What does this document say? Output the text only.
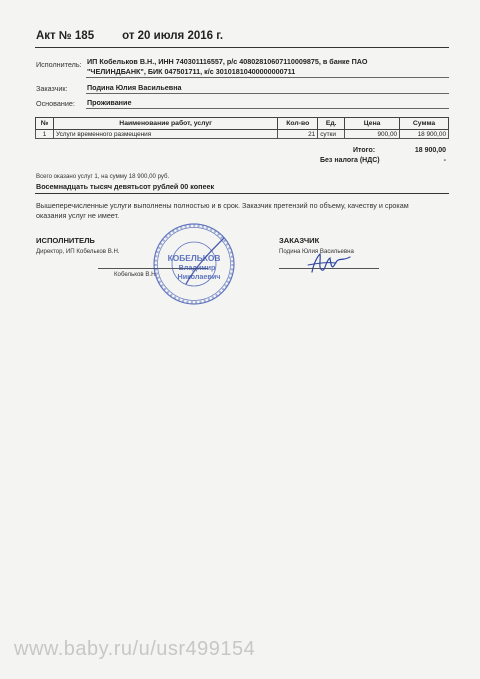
Акт № 185 от 20 июля 2016 г.
Исполнитель: ИП Кобельков В.Н., ИНН 740301116557, р/с 40802810607110009875, в банке ПАО
"ЧЕЛИНДБАНК", БИК 047501711, к/с 30101810400000000711
Заказчик:	Подина Юлия Васильевна
Основание: Проживание
№	Наименование работ, услуг	Кол-во	Ед.	Цена	Сумма
1	Услуги временного размещения	21	сутки	900,00	18 900,00
Итого:	18 900,00
Без налога (НДС)	-
Всего оказано услуг 1, на сумму 18 900,00 руб.
Восемнадцать тысяч девятьсот рублей 00 копеек
Вышеперечисленные услуги выполнены полностью и в срок. Заказчик претензий по объему, качеству и срокам оказания услуг не имеет.
ИСПОЛНИТЕЛЬ
Директор, ИП Кобельков В.Н.
Кобельков В.Н.
ЗАКАЗЧИК
Подина Юлия Васильевна
КОБЕЛЬКОВ
Владимир
Николаевич
www.baby.ru/u/usr499154
